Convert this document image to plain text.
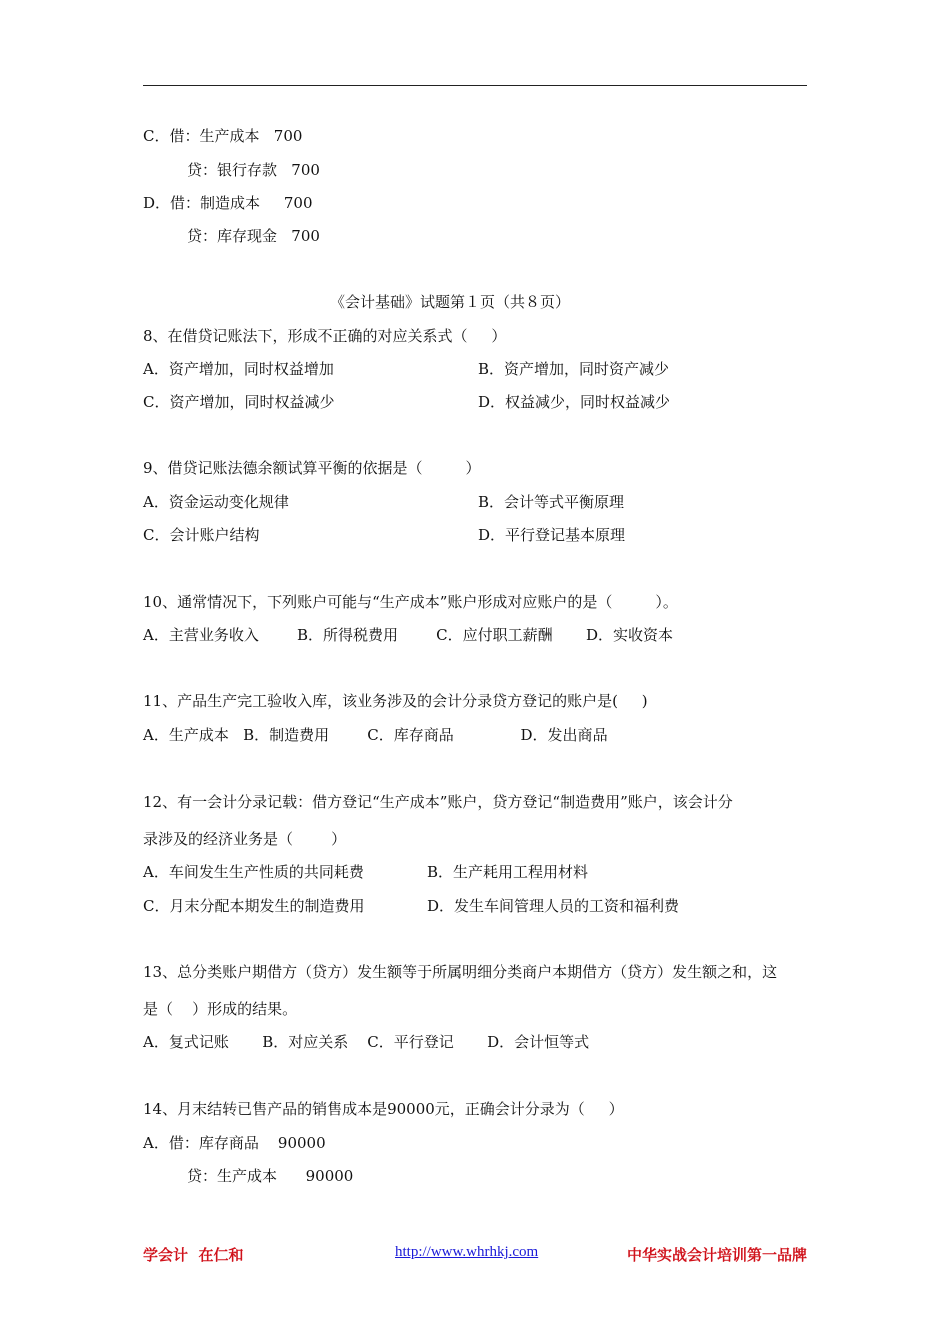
C．借：生产成本   700
贷：银行存款   700
D．借：制造成本     700
贷：库存现金   700
《会计基础》试题第１页（共８页）
8、在借贷记账法下，形成不正确的对应关系式（     ）
A．资产增加，同时权益增加	B．资产增加，同时资产减少
C．资产增加，同时权益减少	D．权益减少，同时权益减少
9、借贷记账法德余额试算平衡的依据是（         ）
A．资金运动变化规律	B．会计等式平衡原理
C．会计账户结构	D．平行登记基本原理
10、通常情况下，下列账户可能与“生产成本”账户形成对应账户的是（         ）。
A．主营业务收入        B．所得税费用        C．应付职工薪酬       D．实收资本
11、产品生产完工验收入库，该业务涉及的会计分录贷方登记的账户是(     )
A．生产成本   B．制造费用        C．库存商品              D．发出商品
12、有一会计分录记载：借方登记“生产成本”账户，贷方登记“制造费用”账户，该会计分
录涉及的经济业务是（        ）
A．车间发生生产性质的共同耗费	B．生产耗用工程用材料
C．月末分配本期发生的制造费用	D．发生车间管理人员的工资和福利费
13、总分类账户期借方（贷方）发生额等于所属明细分类商户本期借方（贷方）发生额之和，这
是（    ）形成的结果。
A．复式记账       B．对应关系    C．平行登记       D．会计恒等式
14、月末结转已售产品的销售成本是90000元，正确会计分录为（     ）
A．借：库存商品    90000
贷：生产成本      90000
学会计  在仁和	http://www.whrhkj.com	中华实战会计培训第一品牌
